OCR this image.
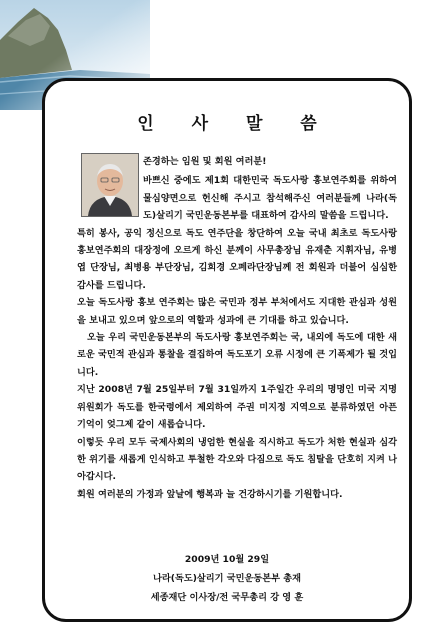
인 사 말 씀

존경하는 임원 및 회원 여러분!

바쁘신 중에도 제1회 대한민국 독도사랑 홍보연주회를 위하여 물심양면으로 헌신해 주시고 참석해주신 여러분들께 나라(독도)살리기 국민운동본부를 대표하여 감사의 말씀을 드립니다.

특히 봉사, 공익 정신으로 독도 연주단을 창단하여 오늘 국내 최초로 독도사랑 홍보연주회의 대장정에 오르게 하신 분께이 사무총장님 유재춘 지휘자님, 유병엽 단장님, 최병용 부단장님, 김희경 오페라단장님께 전 회원과 더불어 심심한 감사를 드립니다.

오늘 독도사랑 홍보 연주회는 많은 국민과 정부 부처에서도 지대한 관심과 성원을 보내고 있으며 앞으로의 역할과 성과에 큰 기대를 하고 있습니다.

오늘 우리 국민운동본부의 독도사랑 홍보연주회는 국, 내외에 독도에 대한 새로운 국민적 관심과 통찰을 결집하여 독도포기 오류 시정에 큰 기폭제가 될 것입니다.

지난 2008년 7월 25일부터 7월 31일까지 1주일간 우리의 명명인 미국 지명위원회가 독도를 한국령에서 제외하여 주권 미지정 지역으로 분류하였던 아픈 기억이 엊그제 같이 새롭습니다.

이렇듯 우리 모두 국제사회의 냉엄한 현실을 직시하고 독도가 처한 현실과 심각한 위기를 새롭게 인식하고 투철한 각오와 다짐으로 독도 침탈을 단호히 지켜 나아갑시다.

회원 여러분의 가정과 앞날에 행복과 늘 건강하시기를 기원합니다.

2009년 10월 29일
나라(독도)살리기 국민운동본부 총재
세종재단 이사장/전 국무총리 강 영 훈
